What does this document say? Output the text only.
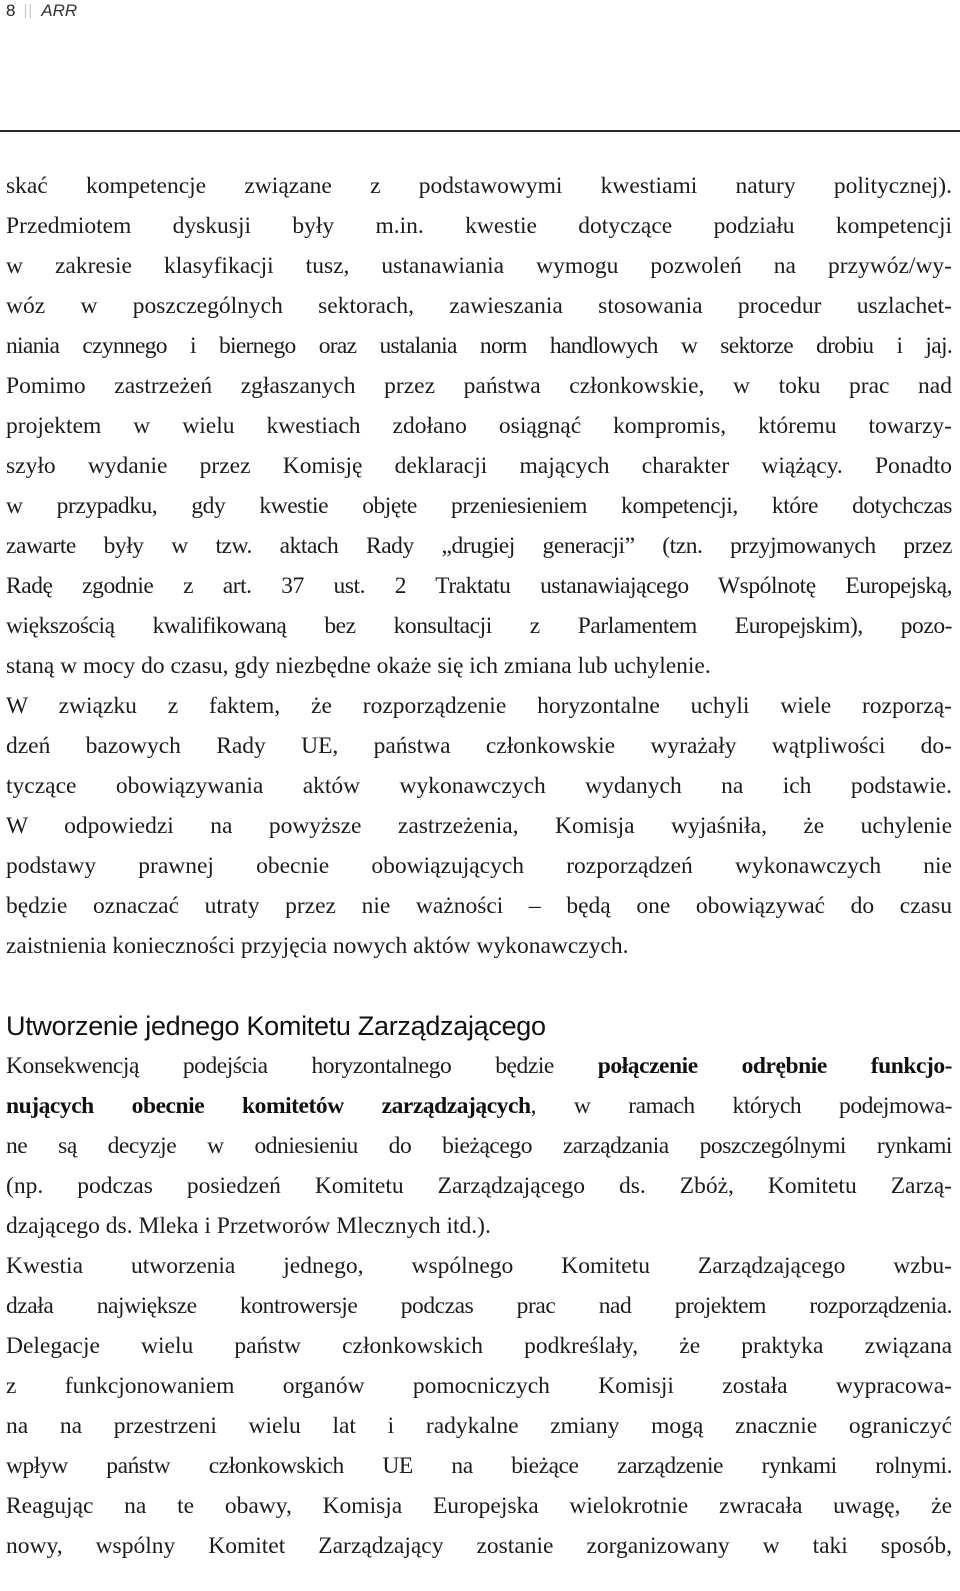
8 || ARR
skać kompetencje związane z podstawowymi kwestiami natury politycznej).
Przedmiotem dyskusji były m.in. kwestie dotyczące podziału kompetencji
w zakresie klasyfikacji tusz, ustanawiania wymogu pozwoleń na przywóz/wy-
wóz w poszczególnych sektorach, zawieszania stosowania procedur uszlachet-
niania czynnego i biernego oraz ustalania norm handlowych w sektorze drobiu i jaj.
Pomimo zastrzeżeń zgłaszanych przez państwa członkowskie, w toku prac nad
projektem w wielu kwestiach zdołano osiągnąć kompromis, któremu towarzy-
szyło wydanie przez Komisję deklaracji mających charakter wiążący. Ponadto
w przypadku, gdy kwestie objęte przeniesieniem kompetencji, które dotychczas
zawarte były w tzw. aktach Rady „drugiej generacji” (tzn. przyjmowanych przez
Radę zgodnie z art. 37 ust. 2 Traktatu ustanawiającego Wspólnotę Europejską,
większością kwalifikowaną bez konsultacji z Parlamentem Europejskim), pozo-
staną w mocy do czasu, gdy niezbędne okaże się ich zmiana lub uchylenie.
W związku z faktem, że rozporządzenie horyzontalne uchyli wiele rozporzą-
dzeń bazowych Rady UE, państwa członkowskie wyrażały wątpliwości do-
tyczące obowiązywania aktów wykonawczych wydanych na ich podstawie.
W odpowiedzi na powyższe zastrzeżenia, Komisja wyjaśniła, że uchylenie
podstawy prawnej obecnie obowiązujących rozporządzeń wykonawczych nie
będzie oznaczać utraty przez nie ważności – będą one obowiązywać do czasu
zaistnienia konieczności przyjęcia nowych aktów wykonawczych.
Utworzenie jednego Komitetu Zarządzającego
Konsekwencją podejścia horyzontalnego będzie połączenie odrębnie funkcjo-
nujących obecnie komitetów zarządzających, w ramach których podejmowa-
ne są decyzje w odniesieniu do bieżącego zarządzania poszczególnymi rynkami
(np. podczas posiedzeń Komitetu Zarządzającego ds. Zbóż, Komitetu Zarzą-
dzającego ds. Mleka i Przetworów Mlecznych itd.).
Kwestia utworzenia jednego, wspólnego Komitetu Zarządzającego wzbu-
dzała największe kontrowersje podczas prac nad projektem rozporządzenia.
Delegacje wielu państw członkowskich podkreślały, że praktyka związana
z funkcjonowaniem organów pomocniczych Komisji została wypracowa-
na na przestrzeni wielu lat i radykalne zmiany mogą znacznie ograniczyć
wpływ państw członkowskich UE na bieżące zarządzenie rynkami rolnymi.
Reagując na te obawy, Komisja Europejska wielokrotnie zwracała uwagę, że
nowy, wspólny Komitet Zarządzający zostanie zorganizowany w taki sposób,
